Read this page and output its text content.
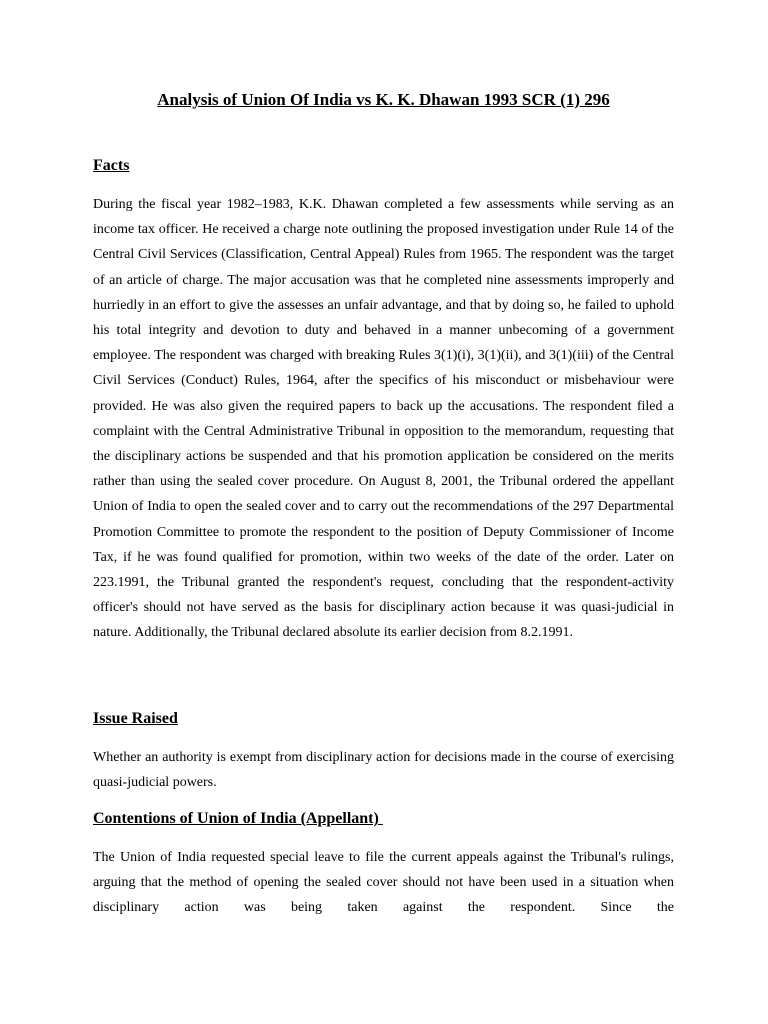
Analysis of Union Of India vs K. K. Dhawan 1993 SCR (1) 296
Facts

During the fiscal year 1982–1983, K.K. Dhawan completed a few assessments while serving as an income tax officer. He received a charge note outlining the proposed investigation under Rule 14 of the Central Civil Services (Classification, Central Appeal) Rules from 1965. The respondent was the target of an article of charge. The major accusation was that he completed nine assessments improperly and hurriedly in an effort to give the assesses an unfair advantage, and that by doing so, he failed to uphold his total integrity and devotion to duty and behaved in a manner unbecoming of a government employee. The respondent was charged with breaking Rules 3(1)(i), 3(1)(ii), and 3(1)(iii) of the Central Civil Services (Conduct) Rules, 1964, after the specifics of his misconduct or misbehaviour were provided. He was also given the required papers to back up the accusations. The respondent filed a complaint with the Central Administrative Tribunal in opposition to the memorandum, requesting that the disciplinary actions be suspended and that his promotion application be considered on the merits rather than using the sealed cover procedure. On August 8, 2001, the Tribunal ordered the appellant Union of India to open the sealed cover and to carry out the recommendations of the 297 Departmental Promotion Committee to promote the respondent to the position of Deputy Commissioner of Income Tax, if he was found qualified for promotion, within two weeks of the date of the order. Later on 223.1991, the Tribunal granted the respondent's request, concluding that the respondent-activity officer's should not have served as the basis for disciplinary action because it was quasi-judicial in nature. Additionally, the Tribunal declared absolute its earlier decision from 8.2.1991.

Issue Raised

Whether an authority is exempt from disciplinary action for decisions made in the course of exercising quasi-judicial powers.

Contentions of Union of India (Appellant)

The Union of India requested special leave to file the current appeals against the Tribunal's rulings, arguing that the method of opening the sealed cover should not have been used in a situation when disciplinary action was being taken against the respondent. Since the
